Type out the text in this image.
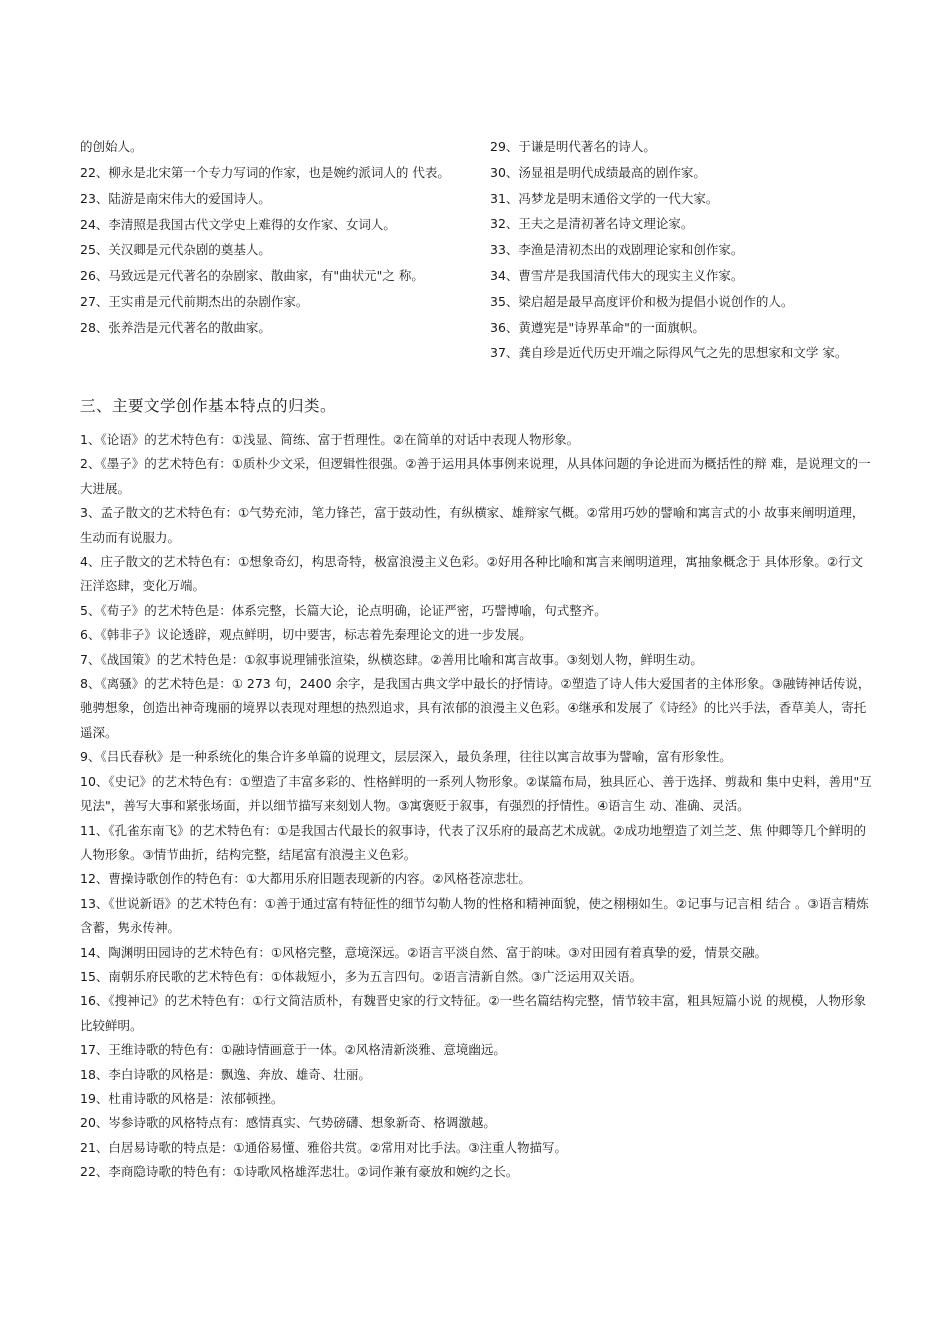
的创始人。
22、柳永是北宋第一个专力写词的作家，也是婉约派词人的 代表。
23、陆游是南宋伟大的爱国诗人。
24、李清照是我国古代文学史上难得的女作家、女词人。
25、关汉卿是元代杂剧的奠基人。
26、马致远是元代著名的杂剧家、散曲家，有"曲状元"之 称。
27、王实甫是元代前期杰出的杂剧作家。
28、张养浩是元代著名的散曲家。
29、于谦是明代著名的诗人。
30、汤显祖是明代成绩最高的剧作家。
31、冯梦龙是明末通俗文学的一代大家。
32、王夫之是清初著名诗文理论家。
33、李渔是清初杰出的戏剧理论家和创作家。
34、曹雪芹是我国清代伟大的现实主义作家。
35、梁启超是最早高度评价和极为提倡小说创作的人。
36、黄遵宪是"诗界革命"的一面旗帜。
37、龚自珍是近代历史开端之际得风气之先的思想家和文学 家。
三、主要文学创作基本特点的归类。
1、《论语》的艺术特色有：①浅显、简练、富于哲理性。②在简单的对话中表现人物形象。
2、《墨子》的艺术特色有：①质朴少文采，但逻辑性很强。②善于运用具体事例来说理，从具体问题的争论进而为概括性的辩 难，是说理文的一大进展。
3、孟子散文的艺术特色有：①气势充沛，笔力锋芒，富于鼓动性，有纵横家、雄辩家气概。②常用巧妙的譬喻和寓言式的小 故事来阐明道理，生动而有说服力。
4、庄子散文的艺术特色有：①想象奇幻，构思奇特，极富浪漫主义色彩。②好用各种比喻和寓言来阐明道理，寓抽象概念于 具体形象。②行文汪洋恣肆，变化万端。
5、《荀子》的艺术特色是：体系完整，长篇大论，论点明确，论证严密，巧譬博喻，句式整齐。
6、《韩非子》议论透辟，观点鲜明，切中要害，标志着先秦理论文的进一步发展。
7、《战国策》的艺术特色是：①叙事说理铺张渲染，纵横恣肆。②善用比喻和寓言故事。③刻划人物，鲜明生动。
8、《离骚》的艺术特色是：① 273 句，2400 余字，是我国古典文学中最长的抒情诗。②塑造了诗人伟大爱国者的主体形象。③融铸神话传说，驰骋想象，创造出神奇瑰丽的境界以表现对理想的热烈追求，具有浓郁的浪漫主义色彩。④继承和发展了《诗经》的比兴手法，香草美人，寄托遥深。
9、《吕氏春秋》是一种系统化的集合许多单篇的说理文，层层深入，最负条理，往往以寓言故事为譬喻，富有形象性。
10、《史记》的艺术特色有：①塑造了丰富多彩的、性格鲜明的一系列人物形象。②谋篇布局，独具匠心、善于选择、剪裁和 集中史料，善用"互见法"，善写大事和紧张场面，并以细节描写来刻划人物。③寓褒贬于叙事，有强烈的抒情性。④语言生 动、准确、灵活。
11、《孔雀东南飞》的艺术特色有：①是我国古代最长的叙事诗，代表了汉乐府的最高艺术成就。②成功地塑造了刘兰芝、焦 仲卿等几个鲜明的人物形象。③情节曲折，结构完整，结尾富有浪漫主义色彩。
12、曹操诗歌创作的特色有：①大都用乐府旧题表现新的内容。②风格苍凉悲壮。
13、《世说新语》的艺术特色有：①善于通过富有特征性的细节勾勒人物的性格和精神面貌，使之栩栩如生。②记事与记言相 结合 。③语言精炼含蓄，隽永传神。
14、陶渊明田园诗的艺术特色有：①风格完整，意境深远。②语言平淡自然、富于韵味。③对田园有着真挚的爱，情景交融。
15、南朝乐府民歌的艺术特色有：①体裁短小，多为五言四句。②语言清新自然。③广泛运用双关语。
16、《搜神记》的艺术特色有：①行文简洁质朴，有魏晋史家的行文特征。②一些名篇结构完整，情节较丰富，粗具短篇小说 的规模，人物形象比较鲜明。
17、王维诗歌的特色有：①融诗情画意于一体。②风格清新淡雅、意境幽远。
18、李白诗歌的风格是：飘逸、奔放、雄奇、壮丽。
19、杜甫诗歌的风格是：浓郁顿挫。
20、岑参诗歌的风格特点有：感情真实、气势磅礴、想象新奇、格调激越。
21、白居易诗歌的特点是：①通俗易懂、雅俗共赏。②常用对比手法。③注重人物描写。
22、李商隐诗歌的特色有：①诗歌风格雄浑悲壮。②词作兼有豪放和婉约之长。
